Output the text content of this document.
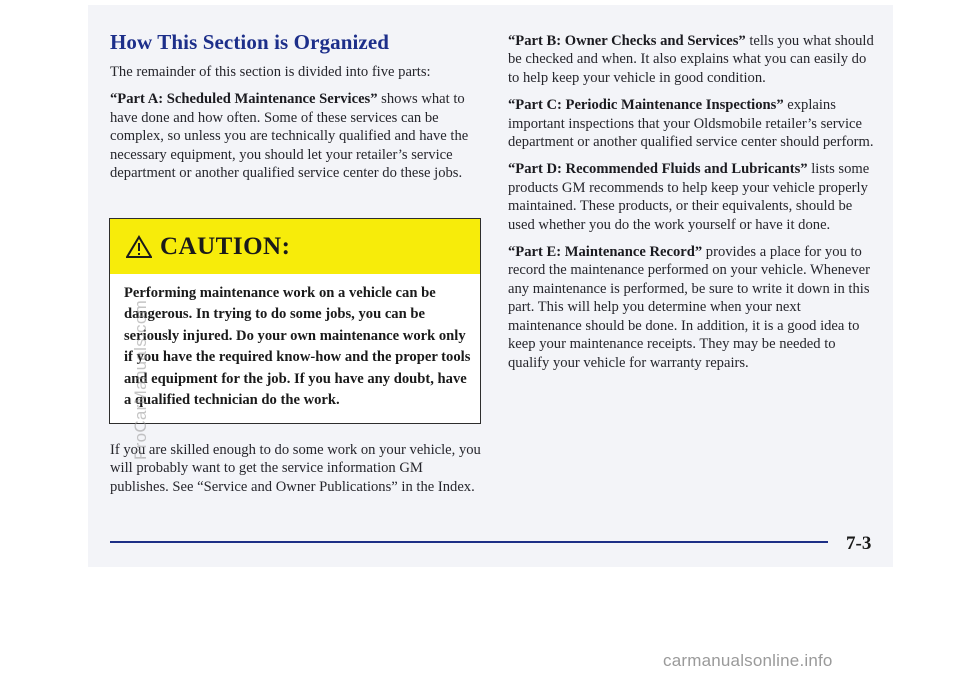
How This Section is Organized

The remainder of this section is divided into five parts:

“Part A: Scheduled Maintenance Services” shows what to have done and how often. Some of these services can be complex, so unless you are technically qualified and have the necessary equipment, you should let your retailer’s service department or another qualified service center do these jobs.

CAUTION:
Performing maintenance work on a vehicle can be dangerous. In trying to do some jobs, you can be seriously injured. Do your own maintenance work only if you have the required know-how and the proper tools and equipment for the job. If you have any doubt, have a qualified technician do the work.

If you are skilled enough to do some work on your vehicle, you will probably want to get the service information GM publishes. See “Service and Owner Publications” in the Index.

“Part B: Owner Checks and Services” tells you what should be checked and when. It also explains what you can easily do to help keep your vehicle in good condition.

“Part C: Periodic Maintenance Inspections” explains important inspections that your Oldsmobile retailer’s service department or another qualified service center should perform.

“Part D: Recommended Fluids and Lubricants” lists some products GM recommends to help keep your vehicle properly maintained. These products, or their equivalents, should be used whether you do the work yourself or have it done.

“Part E: Maintenance Record” provides a place for you to record the maintenance performed on your vehicle. Whenever any maintenance is performed, be sure to write it down in this part. This will help you determine when your next maintenance should be done. In addition, it is a good idea to keep your maintenance receipts. They may be needed to qualify your vehicle for warranty repairs.

7-3
ProCarManuals.com
carmanualsonline.info
